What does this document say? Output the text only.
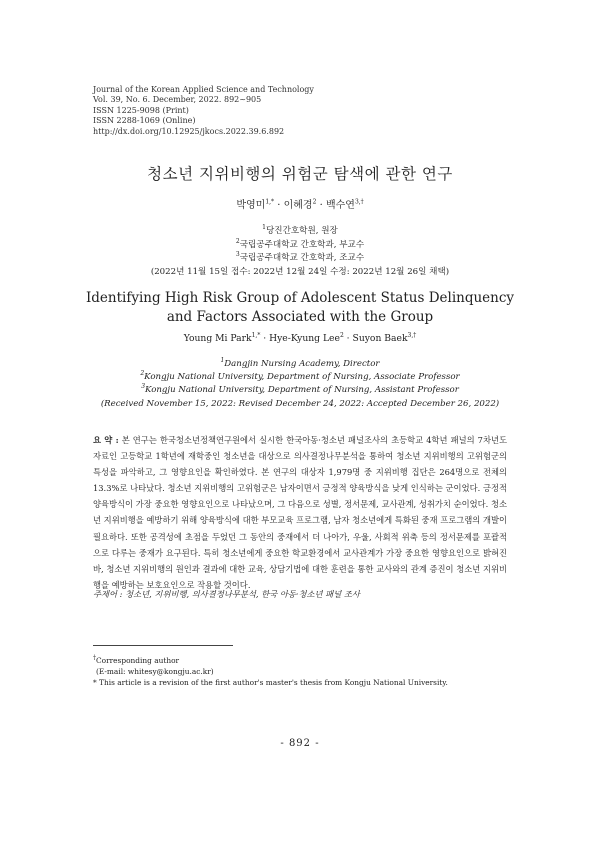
Journal of the Korean Applied Science and Technology
Vol. 39, No. 6. December, 2022. 892~905
ISSN 1225-9098 (Print)
ISSN 2288-1069 (Online)
http://dx.doi.org/10.12925/jkocs.2022.39.6.892
청소년 지위비행의 위험군 탐색에 관한 연구
박영미$^{1,*}$ · 이혜경$^2$ · 백수연$^{3,\dagger}$
$^1$당진간호학원, 원장
$^2$국립공주대학교 간호학과, 부교수
$^3$국립공주대학교 간호학과, 조교수
(2022년 11월 15일 접수: 2022년 12월 24일 수정: 2022년 12월 26일 채택)
Identifying High Risk Group of Adolescent Status Delinquency
and Factors Associated with the Group
Young Mi Park$^{1,*}$ · Hye-Kyung Lee$^2$ · Suyon Baek$^{3,\dagger}$
$^1$Dangjin Nursing Academy, Director
$^2$Kongju National University, Department of Nursing, Associate Professor
$^3$Kongju National University, Department of Nursing, Assistant Professor
(Received November 15, 2022: Revised December 24, 2022: Accepted December 26, 2022)
요 약 : 본 연구는 한국청소년정책연구원에서 실시한 한국아동·청소년 패널조사의 초등학교 4학년 패널의 7차년도 자료인 고등학교 1학년에 재학중인 청소년을 대상으로 의사결정나무분석을 통하여 청소년 지위비행의 고위험군의 특성을 파악하고, 그 영향요인을 확인하였다. 본 연구의 대상자 1,979명 중 지위비행 집단은 264명으로 전체의 13.3%로 나타났다. 청소년 지위비행의 고위험군은 남자이면서 긍정적 양육방식을 낮게 인식하는 군이었다. 긍정적 양육방식이 가장 중요한 영향요인으로 나타났으며, 그 다음으로 성별, 정서문제, 교사관계, 성취가치 순이었다. 청소년 지위비행을 예방하기 위해 양육방식에 대한 부모교육 프로그램, 남자 청소년에게 특화된 중재 프로그램의 개발이 필요하다. 또한 공격성에 초점을 두었던 그 동안의 중재에서 더 나아가, 우울, 사회적 위축 등의 정서문제를 포괄적으로 다루는 중재가 요구된다. 특히 청소년에게 중요한 학교환경에서 교사관계가 가장 중요한 영향요인으로 밝혀진 바, 청소년 지위비행의 원인과 결과에 대한 교육, 상담기법에 대한 훈련을 통한 교사와의 관계 증진이 청소년 지위비행을 예방하는 보호요인으로 작용할 것이다.
주제어 : 청소년, 지위비행, 의사결정나무분석, 한국 아동·청소년 패널 조사
†Corresponding author
(E-mail: whitesy@kongju.ac.kr)
* This article is a revision of the first author's master's thesis from Kongju National University.
- 892 -
